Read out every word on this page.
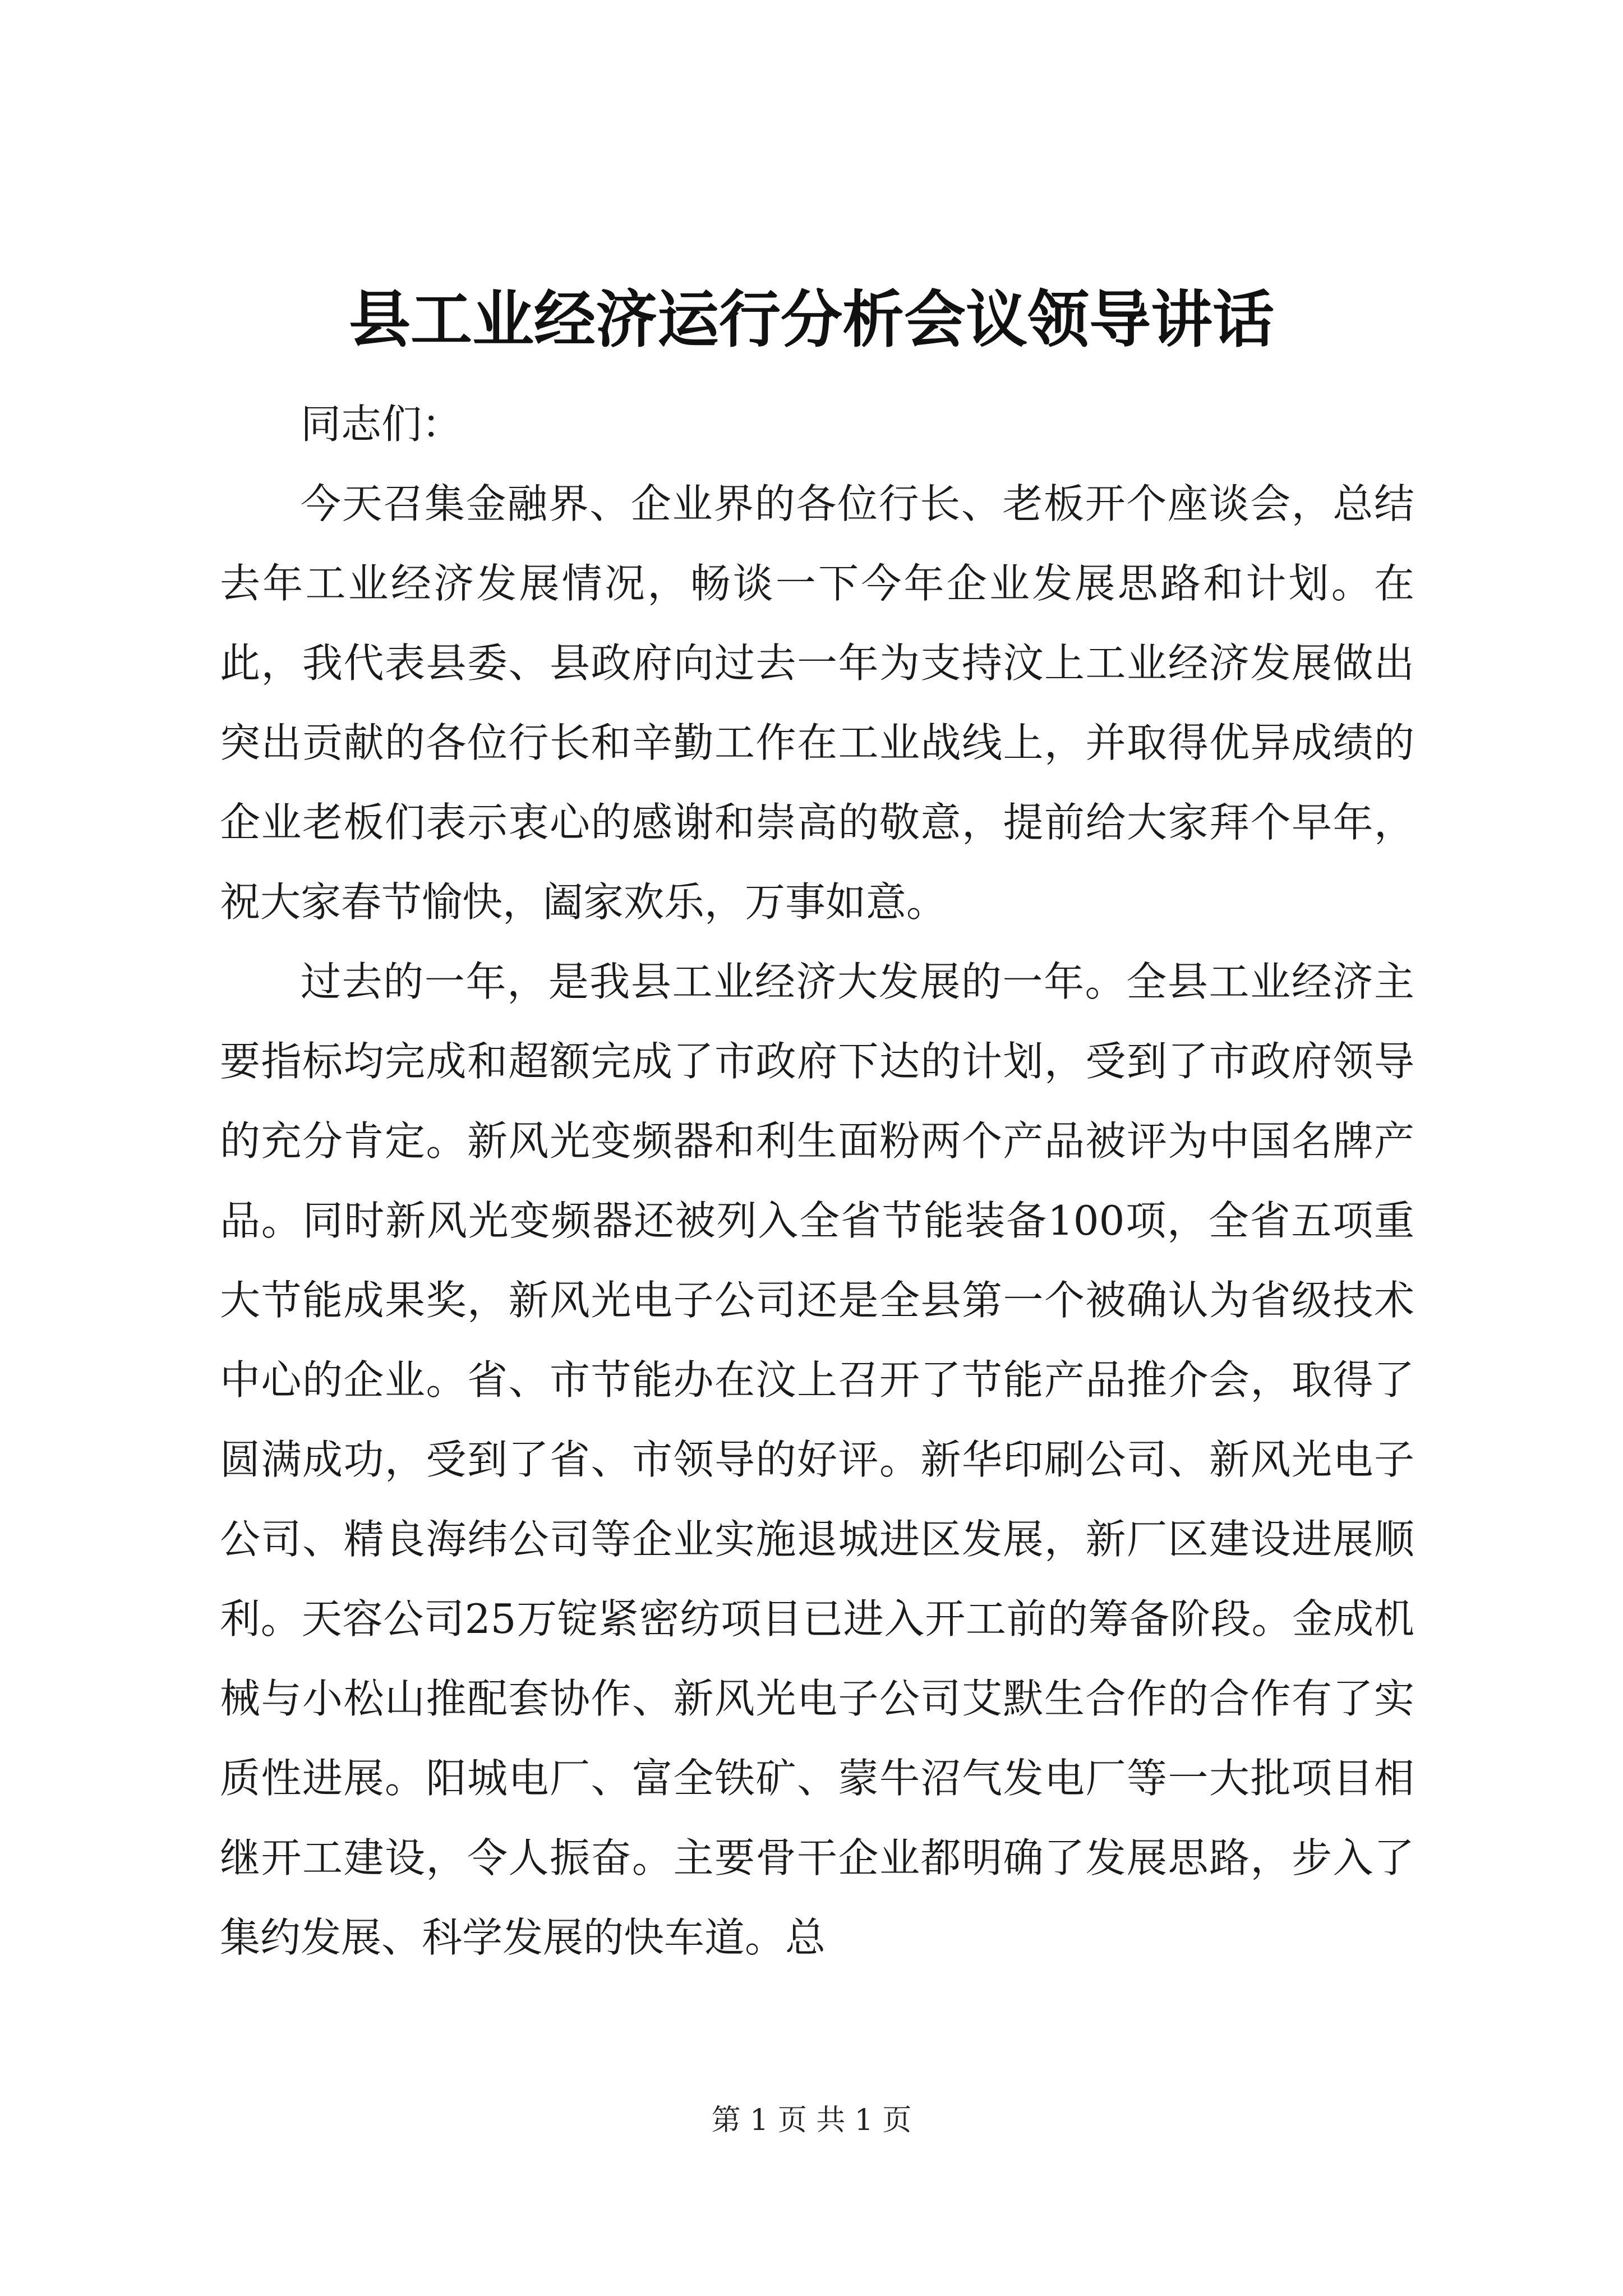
县工业经济运行分析会议领导讲话

同志们：

今天召集金融界、企业界的各位行长、老板开个座谈会，总结去年工业经济发展情况，畅谈一下今年企业发展思路和计划。在此，我代表县委、县政府向过去一年为支持汶上工业经济发展做出突出贡献的各位行长和辛勤工作在工业战线上，并取得优异成绩的企业老板们表示衷心的感谢和崇高的敬意，提前给大家拜个早年，祝大家春节愉快，阖家欢乐，万事如意。

过去的一年，是我县工业经济大发展的一年。全县工业经济主要指标均完成和超额完成了市政府下达的计划，受到了市政府领导的充分肯定。新风光变频器和利生面粉两个产品被评为中国名牌产品。同时新风光变频器还被列入全省节能装备100项，全省五项重大节能成果奖，新风光电子公司还是全县第一个被确认为省级技术中心的企业。省、市节能办在汶上召开了节能产品推介会，取得了圆满成功，受到了省、市领导的好评。新华印刷公司、新风光电子公司、精良海纬公司等企业实施退城进区发展，新厂区建设进展顺利。天容公司25万锭紧密纺项目已进入开工前的筹备阶段。金成机械与小松山推配套协作、新风光电子公司艾默生合作的合作有了实质性进展。阳城电厂、富全铁矿、蒙牛沼气发电厂等一大批项目相继开工建设，令人振奋。主要骨干企业都明确了发展思路，步入了集约发展、科学发展的快车道。总

第 1 页 共 1 页
